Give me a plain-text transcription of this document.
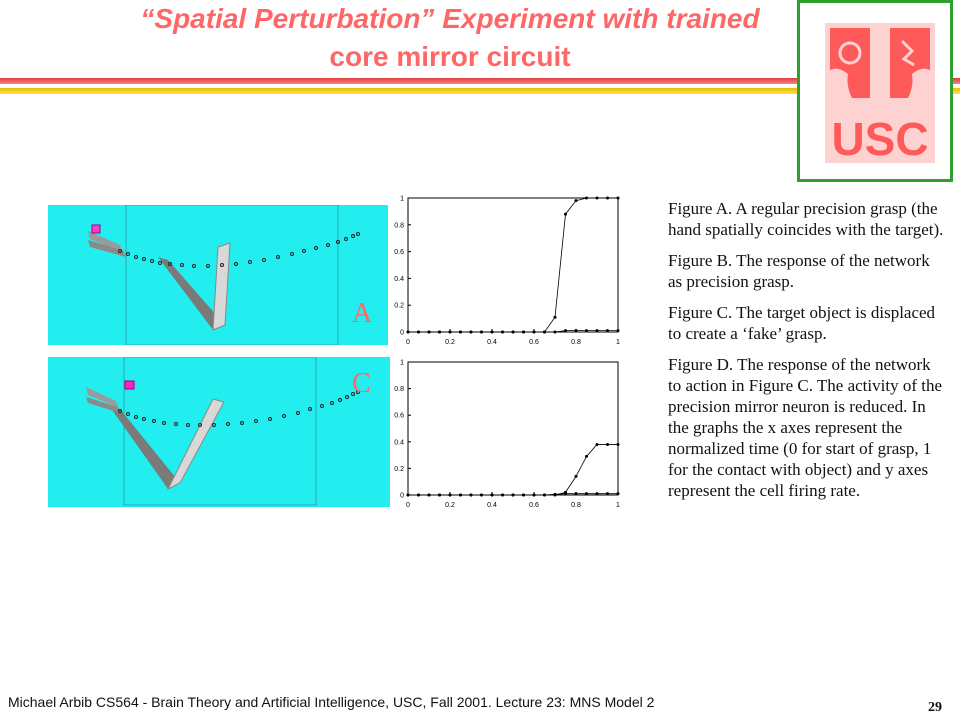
“Spatial Perturbation” Experiment with trained
core mirror circuit
USC
A
C
0	0.2	0.4	0.6	0.8	1
0
0.2
0.4
0.6
0.8
1
0	0.2	0.4	0.6	0.8	1
0
0.2
0.4
0.6
0.8
1

Figure A. A regular precision grasp (the hand spatially coincides with the target).

Figure B. The response of the network as precision grasp.

Figure C. The target object is displaced to create a ‘fake’ grasp.

Figure D. The response of the network to action in Figure C. The activity of the precision mirror neuron is reduced. In the graphs the x axes represent the normalized time (0 for start of grasp, 1 for the contact with object) and y axes represent the cell firing rate.

Michael Arbib CS564 - Brain Theory and Artificial Intelligence, USC, Fall 2001. Lecture 23: MNS Model 2	29
